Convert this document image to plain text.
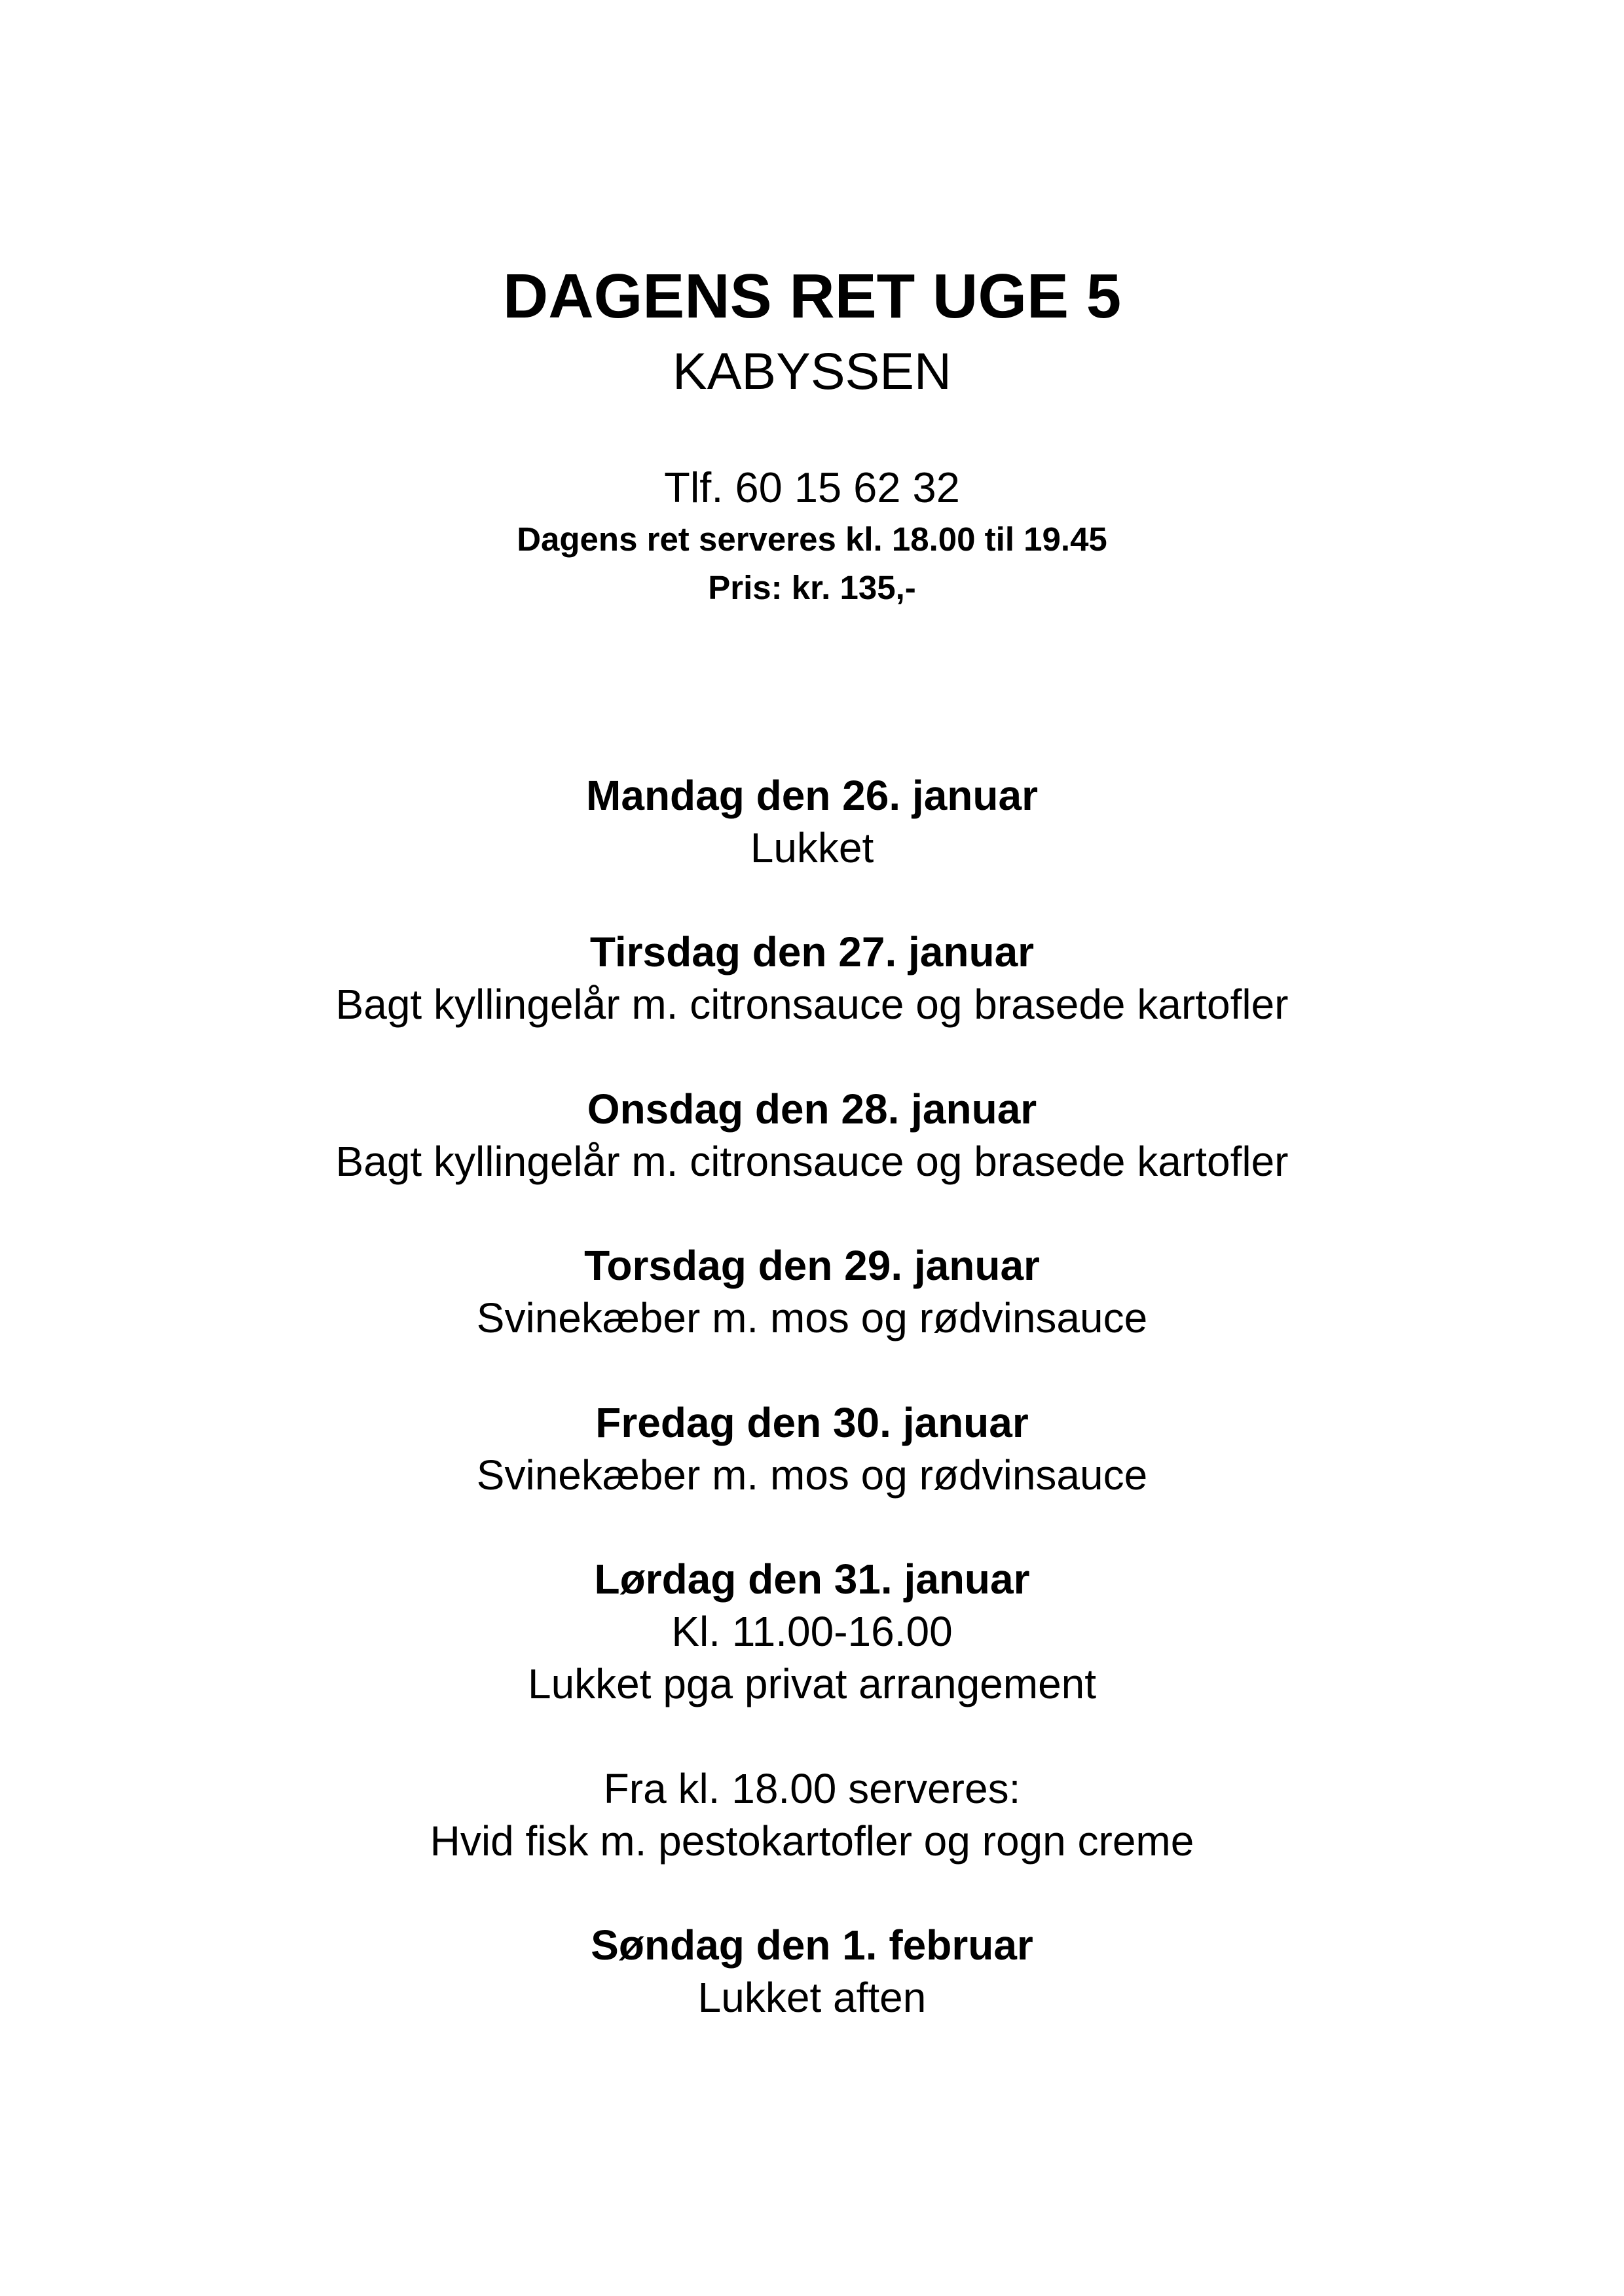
DAGENS RET UGE 5
KABYSSEN
Tlf. 60 15 62 32
Dagens ret serveres kl. 18.00 til 19.45
Pris: kr. 135,-
Mandag den 26. januar
Lukket
Tirsdag den 27. januar
Bagt kyllingelår m. citronsauce og brasede kartofler
Onsdag den 28. januar
Bagt kyllingelår m. citronsauce og brasede kartofler
Torsdag den 29. januar
Svinekæber m. mos og rødvinsauce
Fredag den 30. januar
Svinekæber m. mos og rødvinsauce
Lørdag den 31. januar
Kl. 11.00-16.00
Lukket pga privat arrangement
Fra kl. 18.00 serveres:
Hvid fisk m. pestokartofler og rogn creme
Søndag den 1. februar
Lukket aften
